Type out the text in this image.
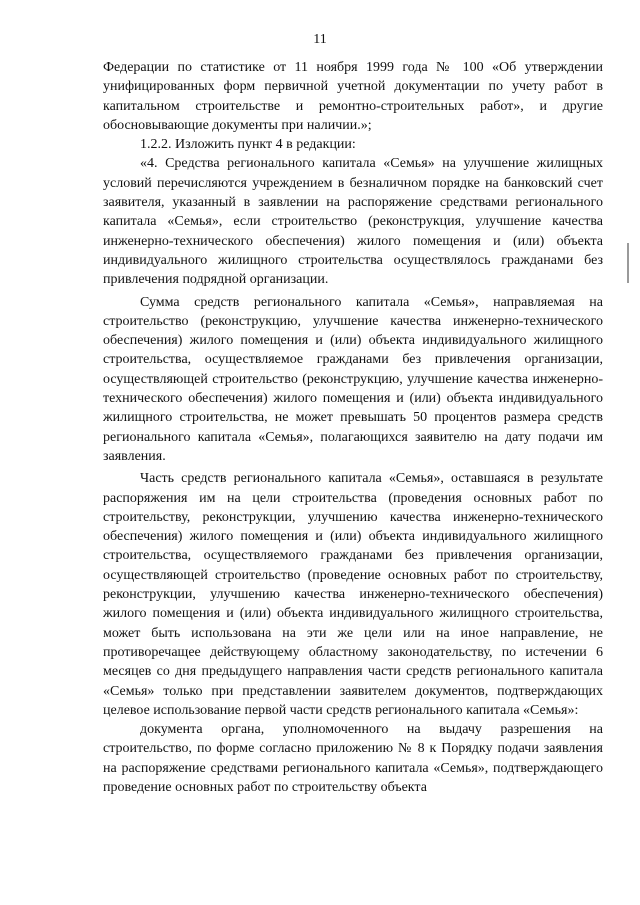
11

Федерации по статистике от 11 ноября 1999 года № 100 «Об утверждении унифицированных форм первичной учетной документации по учету работ в капитальном строительстве и ремонтно-строительных работ», и другие обосновывающие документы при наличии.»;

1.2.2. Изложить пункт 4 в редакции:

«4. Средства регионального капитала «Семья» на улучшение жилищных условий перечисляются учреждением в безналичном порядке на банковский счет заявителя, указанный в заявлении на распоряжение средствами регионального капитала «Семья», если строительство (реконструкция, улучшение качества инженерно-технического обеспечения) жилого помещения и (или) объекта индивидуального жилищного строительства осуществлялось гражданами без привлечения подрядной организации.

Сумма средств регионального капитала «Семья», направляемая на строительство (реконструкцию, улучшение качества инженерно-технического обеспечения) жилого помещения и (или) объекта индивидуального жилищного строительства, осуществляемое гражданами без привлечения организации, осуществляющей строительство (реконструкцию, улучшение качества инженерно-технического обеспечения) жилого помещения и (или) объекта индивидуального жилищного строительства, не может превышать 50 процентов размера средств регионального капитала «Семья», полагающихся заявителю на дату подачи им заявления.

Часть средств регионального капитала «Семья», оставшаяся в результате распоряжения им на цели строительства (проведения основных работ по строительству, реконструкции, улучшению качества инженерно-технического обеспечения) жилого помещения и (или) объекта индивидуального жилищного строительства, осуществляемого гражданами без привлечения организации, осуществляющей строительство (проведение основных работ по строительству, реконструкции, улучшению качества инженерно-технического обеспечения) жилого помещения и (или) объекта индивидуального жилищного строительства, может быть использована на эти же цели или на иное направление, не противоречащее действующему областному законодательству, по истечении 6 месяцев со дня предыдущего направления части средств регионального капитала «Семья» только при представлении заявителем документов, подтверждающих целевое использование первой части средств регионального капитала «Семья»:

документа органа, уполномоченного на выдачу разрешения на строительство, по форме согласно приложению № 8 к Порядку подачи заявления на распоряжение средствами регионального капитала «Семья», подтверждающего проведение основных работ по строительству объекта
